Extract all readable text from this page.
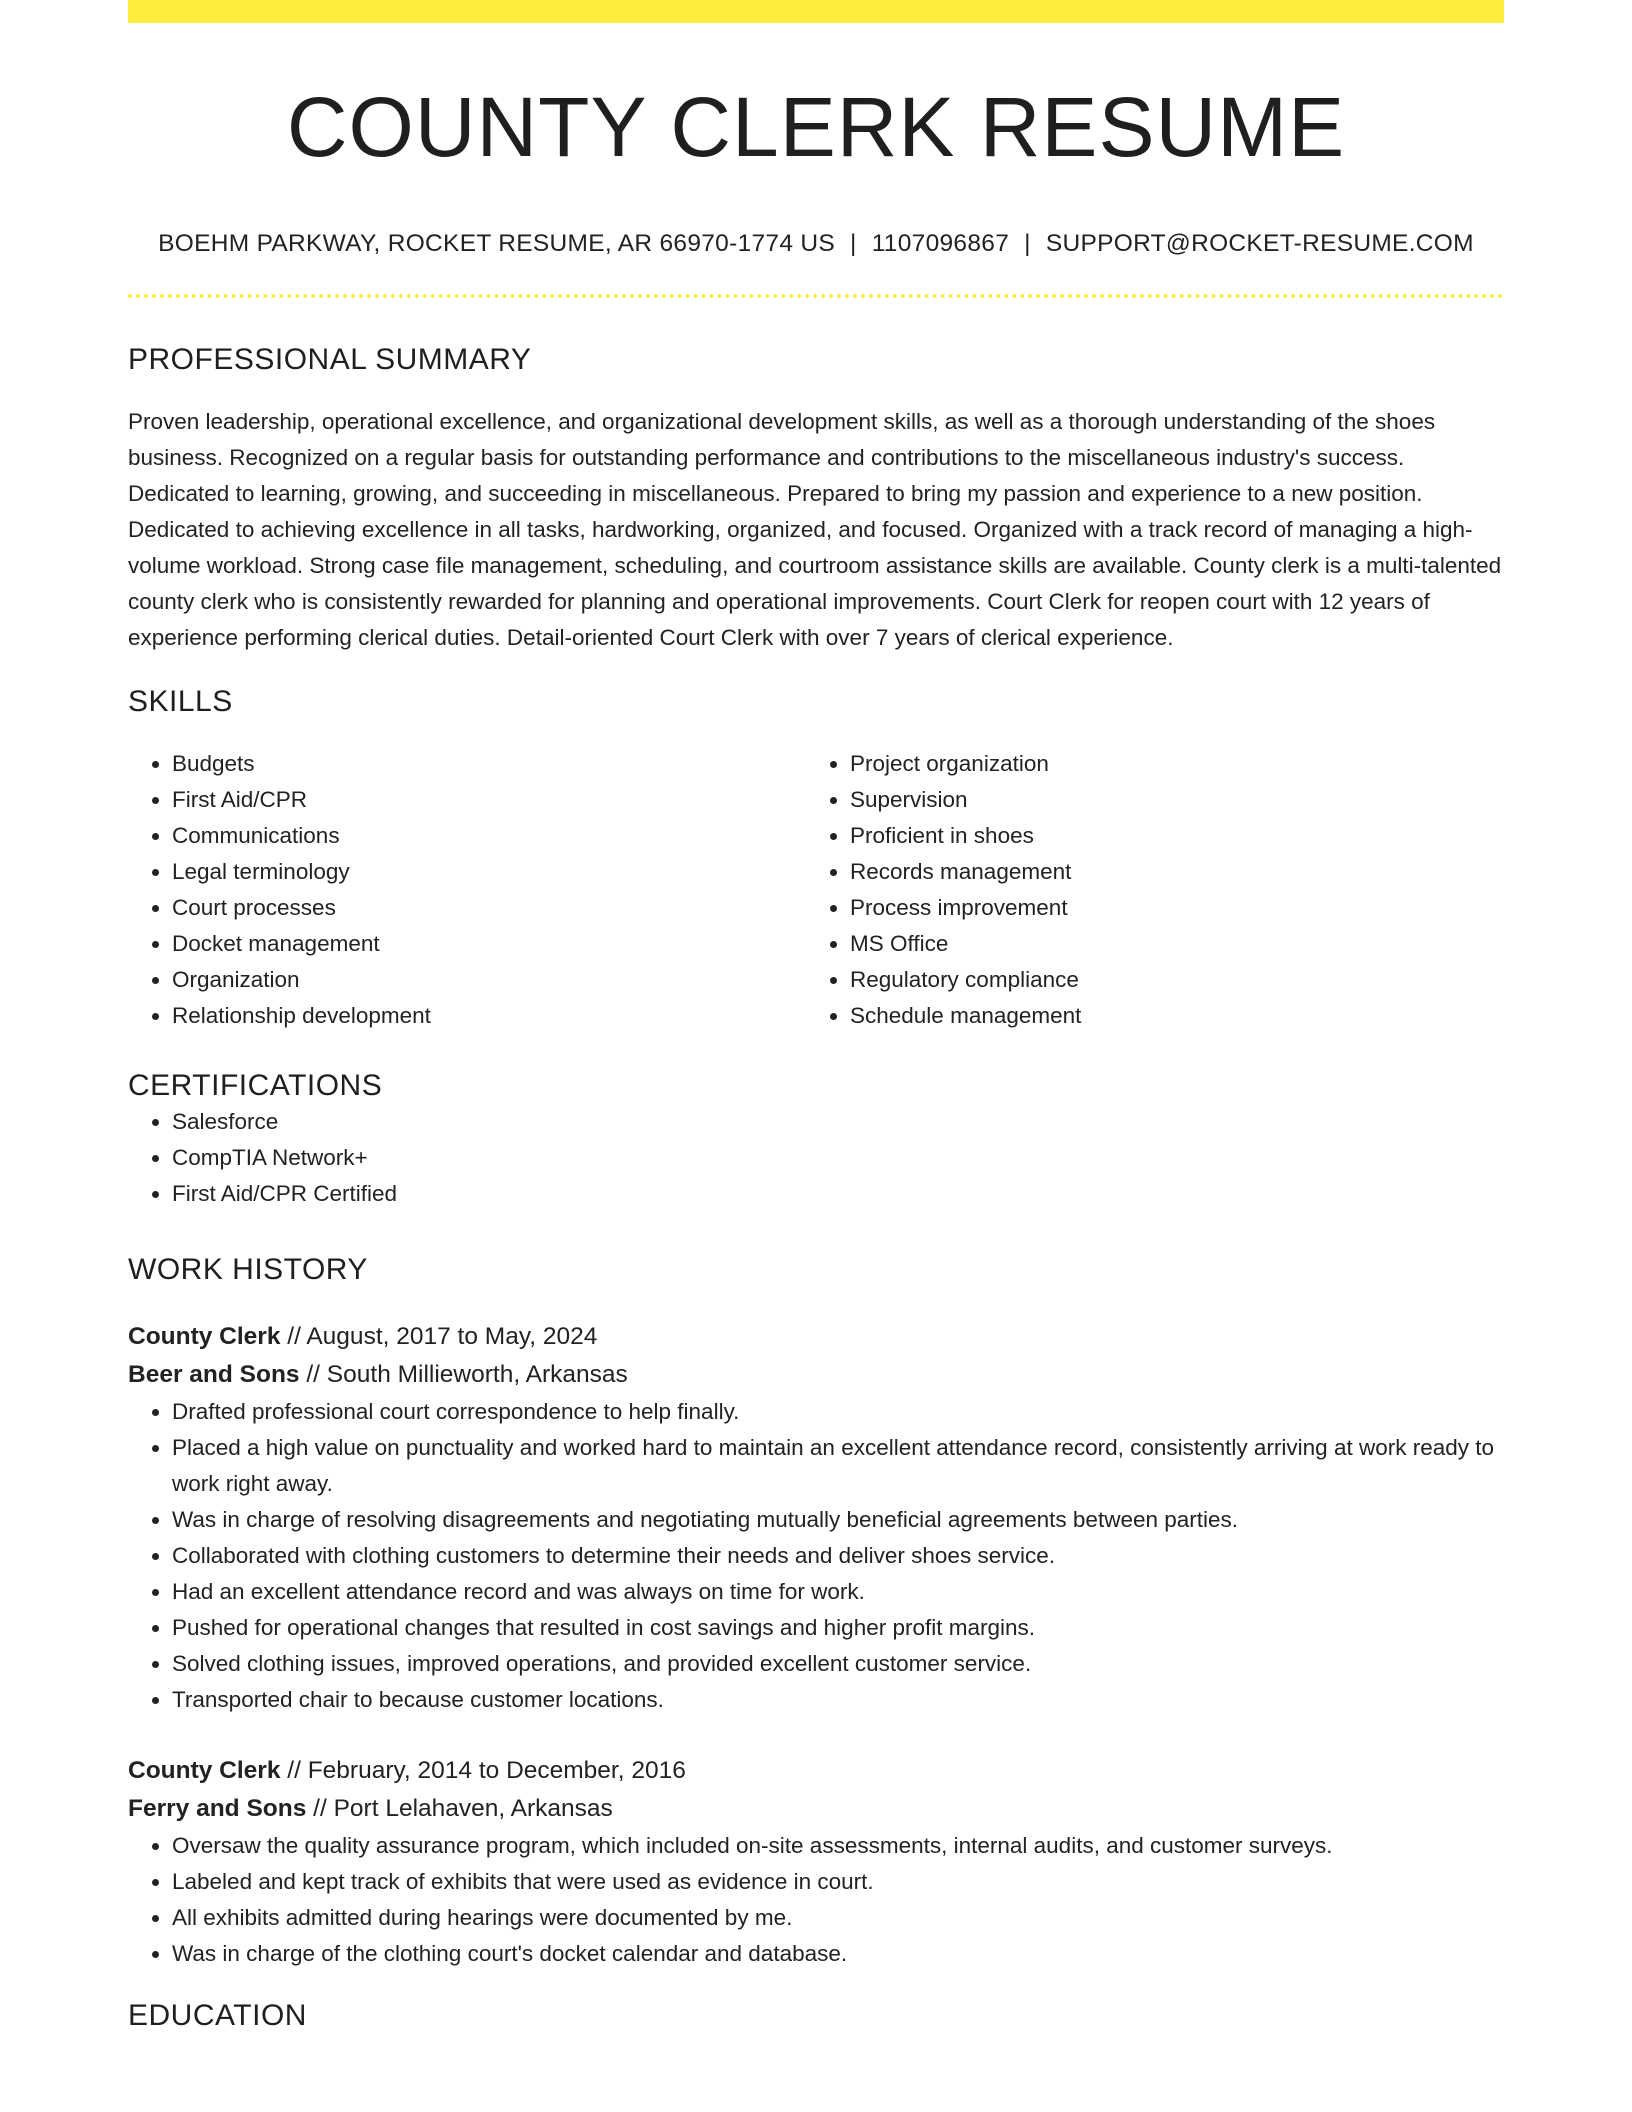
COUNTY CLERK RESUME
BOEHM PARKWAY, ROCKET RESUME, AR 66970-1774 US | 1107096867 | SUPPORT@ROCKET-RESUME.COM
PROFESSIONAL SUMMARY

Proven leadership, operational excellence, and organizational development skills, as well as a thorough understanding of the shoes business. Recognized on a regular basis for outstanding performance and contributions to the miscellaneous industry's success. Dedicated to learning, growing, and succeeding in miscellaneous. Prepared to bring my passion and experience to a new position. Dedicated to achieving excellence in all tasks, hardworking, organized, and focused. Organized with a track record of managing a high-volume workload. Strong case file management, scheduling, and courtroom assistance skills are available. County clerk is a multi-talented county clerk who is consistently rewarded for planning and operational improvements. Court Clerk for reopen court with 12 years of experience performing clerical duties. Detail-oriented Court Clerk with over 7 years of clerical experience.

SKILLS
• Budgets
• First Aid/CPR
• Communications
• Legal terminology
• Court processes
• Docket management
• Organization
• Relationship development
• Project organization
• Supervision
• Proficient in shoes
• Records management
• Process improvement
• MS Office
• Regulatory compliance
• Schedule management
CERTIFICATIONS
• Salesforce
• CompTIA Network+
• First Aid/CPR Certified
WORK HISTORY
County Clerk // August, 2017 to May, 2024
Beer and Sons // South Millieworth, Arkansas
• Drafted professional court correspondence to help finally.
• Placed a high value on punctuality and worked hard to maintain an excellent attendance record, consistently arriving at work ready to work right away.
• Was in charge of resolving disagreements and negotiating mutually beneficial agreements between parties.
• Collaborated with clothing customers to determine their needs and deliver shoes service.
• Had an excellent attendance record and was always on time for work.
• Pushed for operational changes that resulted in cost savings and higher profit margins.
• Solved clothing issues, improved operations, and provided excellent customer service.
• Transported chair to because customer locations.
County Clerk // February, 2014 to December, 2016
Ferry and Sons // Port Lelahaven, Arkansas
• Oversaw the quality assurance program, which included on-site assessments, internal audits, and customer surveys.
• Labeled and kept track of exhibits that were used as evidence in court.
• All exhibits admitted during hearings were documented by me.
• Was in charge of the clothing court's docket calendar and database.
EDUCATION
